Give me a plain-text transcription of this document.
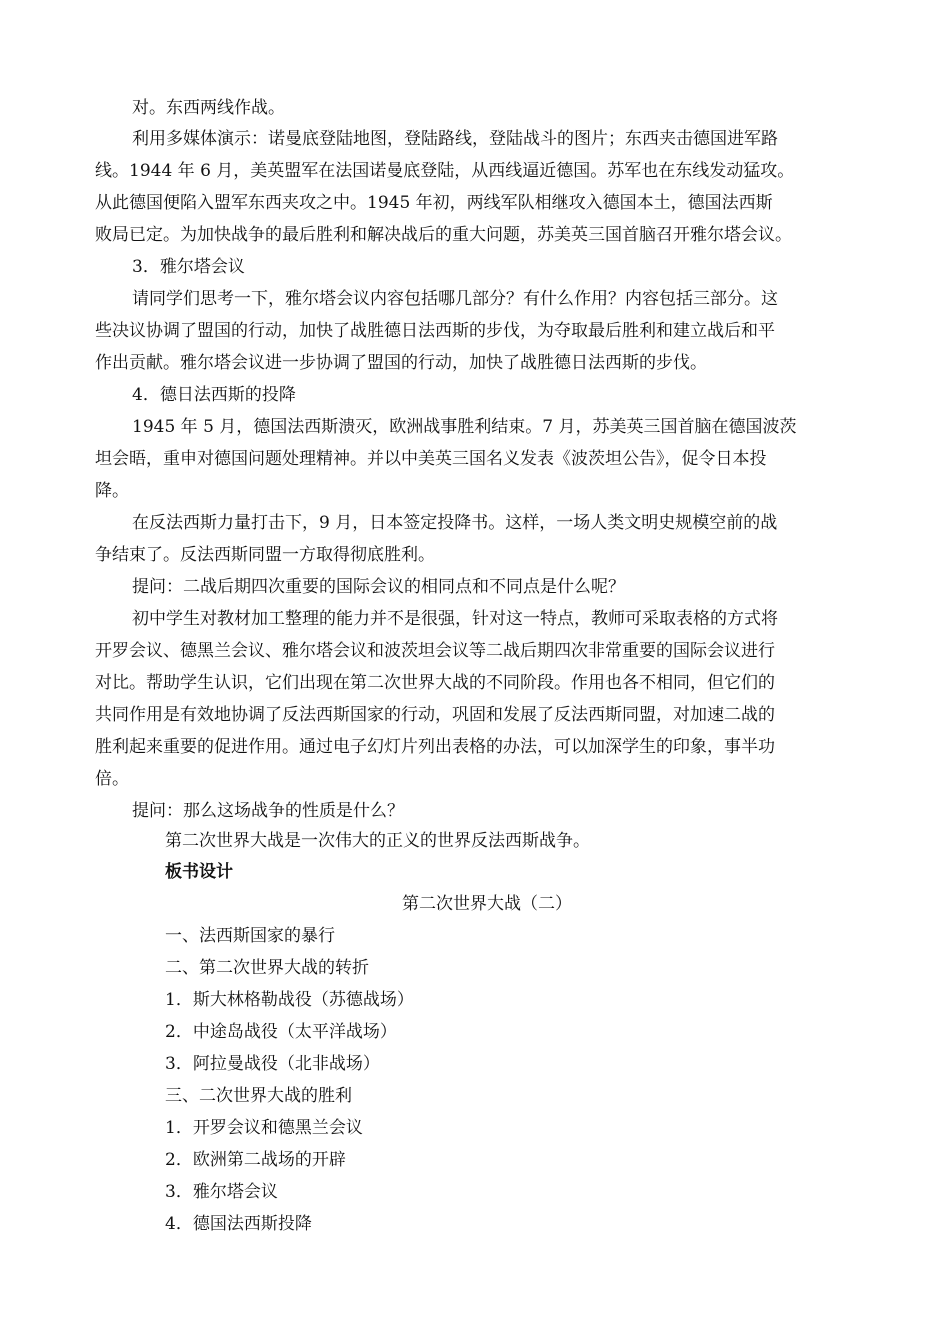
对。东西两线作战。
利用多媒体演示：诺曼底登陆地图，登陆路线，登陆战斗的图片；东西夹击德国进军路
线。1944 年 6 月，美英盟军在法国诺曼底登陆，从西线逼近德国。苏军也在东线发动猛攻。
从此德国便陷入盟军东西夹攻之中。1945 年初，两线军队相继攻入德国本土，德国法西斯
败局已定。为加快战争的最后胜利和解决战后的重大问题，苏美英三国首脑召开雅尔塔会议。
3．雅尔塔会议
请同学们思考一下，雅尔塔会议内容包括哪几部分？有什么作用？内容包括三部分。这
些决议协调了盟国的行动，加快了战胜德日法西斯的步伐，为夺取最后胜利和建立战后和平
作出贡献。雅尔塔会议进一步协调了盟国的行动，加快了战胜德日法西斯的步伐。
4．德日法西斯的投降
1945 年 5 月，德国法西斯溃灭，欧洲战事胜利结束。7 月，苏美英三国首脑在德国波茨
坦会晤，重申对德国问题处理精神。并以中美英三国名义发表《波茨坦公告》，促令日本投
降。
在反法西斯力量打击下，9 月，日本签定投降书。这样，一场人类文明史规模空前的战
争结束了。反法西斯同盟一方取得彻底胜利。
提问：二战后期四次重要的国际会议的相同点和不同点是什么呢？
初中学生对教材加工整理的能力并不是很强，针对这一特点，教师可采取表格的方式将
开罗会议、德黑兰会议、雅尔塔会议和波茨坦会议等二战后期四次非常重要的国际会议进行
对比。帮助学生认识，它们出现在第二次世界大战的不同阶段。作用也各不相同，但它们的
共同作用是有效地协调了反法西斯国家的行动，巩固和发展了反法西斯同盟，对加速二战的
胜利起来重要的促进作用。通过电子幻灯片列出表格的办法，可以加深学生的印象，事半功
倍。
提问：那么这场战争的性质是什么？
第二次世界大战是一次伟大的正义的世界反法西斯战争。
板书设计
第二次世界大战（二）
一、法西斯国家的暴行
二、第二次世界大战的转折
1．斯大林格勒战役（苏德战场）
2．中途岛战役（太平洋战场）
3．阿拉曼战役（北非战场）
三、二次世界大战的胜利
1．开罗会议和德黑兰会议
2．欧洲第二战场的开辟
3．雅尔塔会议
4．德国法西斯投降
